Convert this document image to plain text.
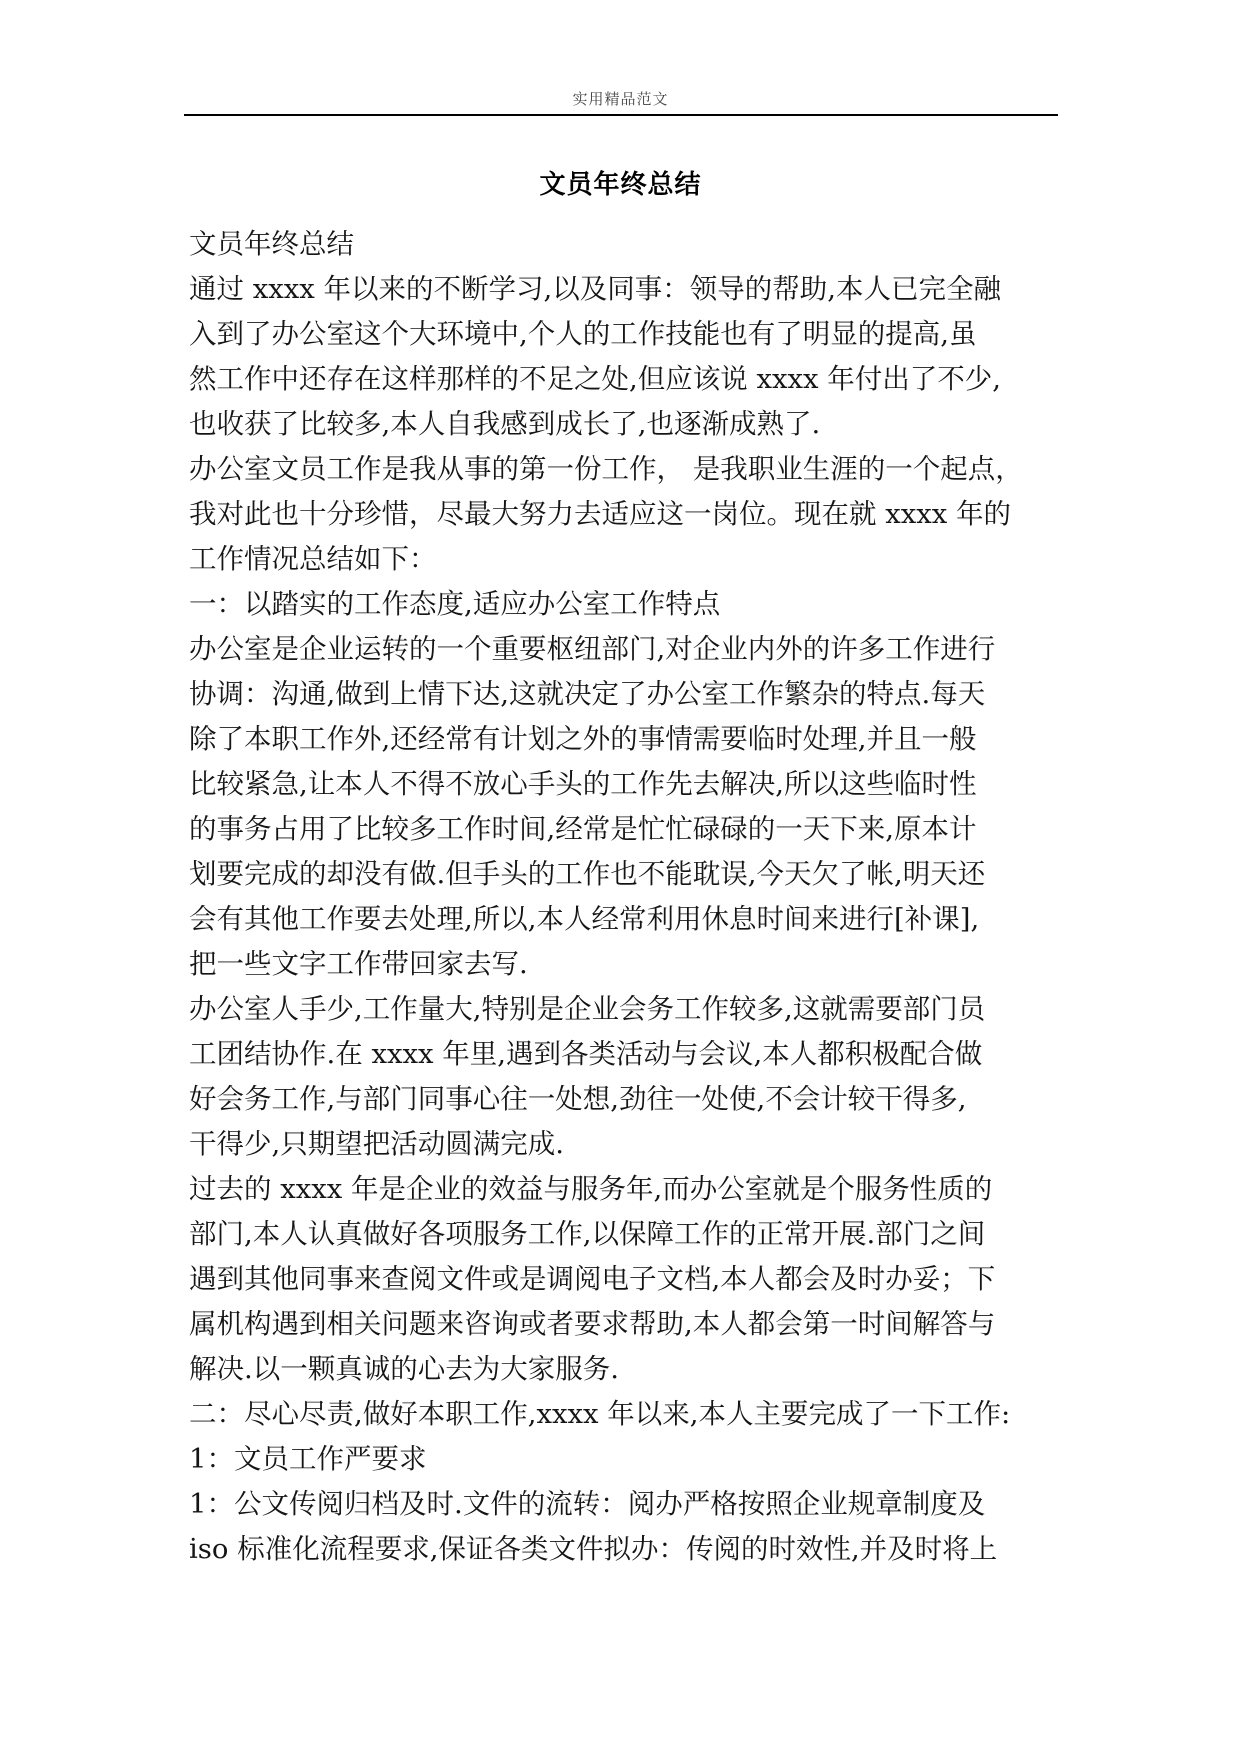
实用精品范文
文员年终总结
文员年终总结
通过 xxxx 年以来的不断学习,以及同事：领导的帮助,本人已完全融
入到了办公室这个大环境中,个人的工作技能也有了明显的提高,虽
然工作中还存在这样那样的不足之处,但应该说 xxxx 年付出了不少,
也收获了比较多,本人自我感到成长了,也逐渐成熟了.
办公室文员工作是我从事的第一份工作， 是我职业生涯的一个起点，
我对此也十分珍惜，尽最大努力去适应这一岗位。现在就 xxxx 年的
工作情况总结如下：
一：以踏实的工作态度,适应办公室工作特点
办公室是企业运转的一个重要枢纽部门,对企业内外的许多工作进行
协调：沟通,做到上情下达,这就决定了办公室工作繁杂的特点.每天
除了本职工作外,还经常有计划之外的事情需要临时处理,并且一般
比较紧急,让本人不得不放心手头的工作先去解决,所以这些临时性
的事务占用了比较多工作时间,经常是忙忙碌碌的一天下来,原本计
划要完成的却没有做.但手头的工作也不能耽误,今天欠了帐,明天还
会有其他工作要去处理,所以,本人经常利用休息时间来进行[补课],
把一些文字工作带回家去写.
办公室人手少,工作量大,特别是企业会务工作较多,这就需要部门员
工团结协作.在 xxxx 年里,遇到各类活动与会议,本人都积极配合做
好会务工作,与部门同事心往一处想,劲往一处使,不会计较干得多,
干得少,只期望把活动圆满完成.
过去的 xxxx 年是企业的效益与服务年,而办公室就是个服务性质的
部门,本人认真做好各项服务工作,以保障工作的正常开展.部门之间
遇到其他同事来查阅文件或是调阅电子文档,本人都会及时办妥；下
属机构遇到相关问题来咨询或者要求帮助,本人都会第一时间解答与
解决.以一颗真诚的心去为大家服务.
二：尽心尽责,做好本职工作,xxxx 年以来,本人主要完成了一下工作:
1：文员工作严要求
1：公文传阅归档及时.文件的流转：阅办严格按照企业规章制度及
iso 标准化流程要求,保证各类文件拟办：传阅的时效性,并及时将上
